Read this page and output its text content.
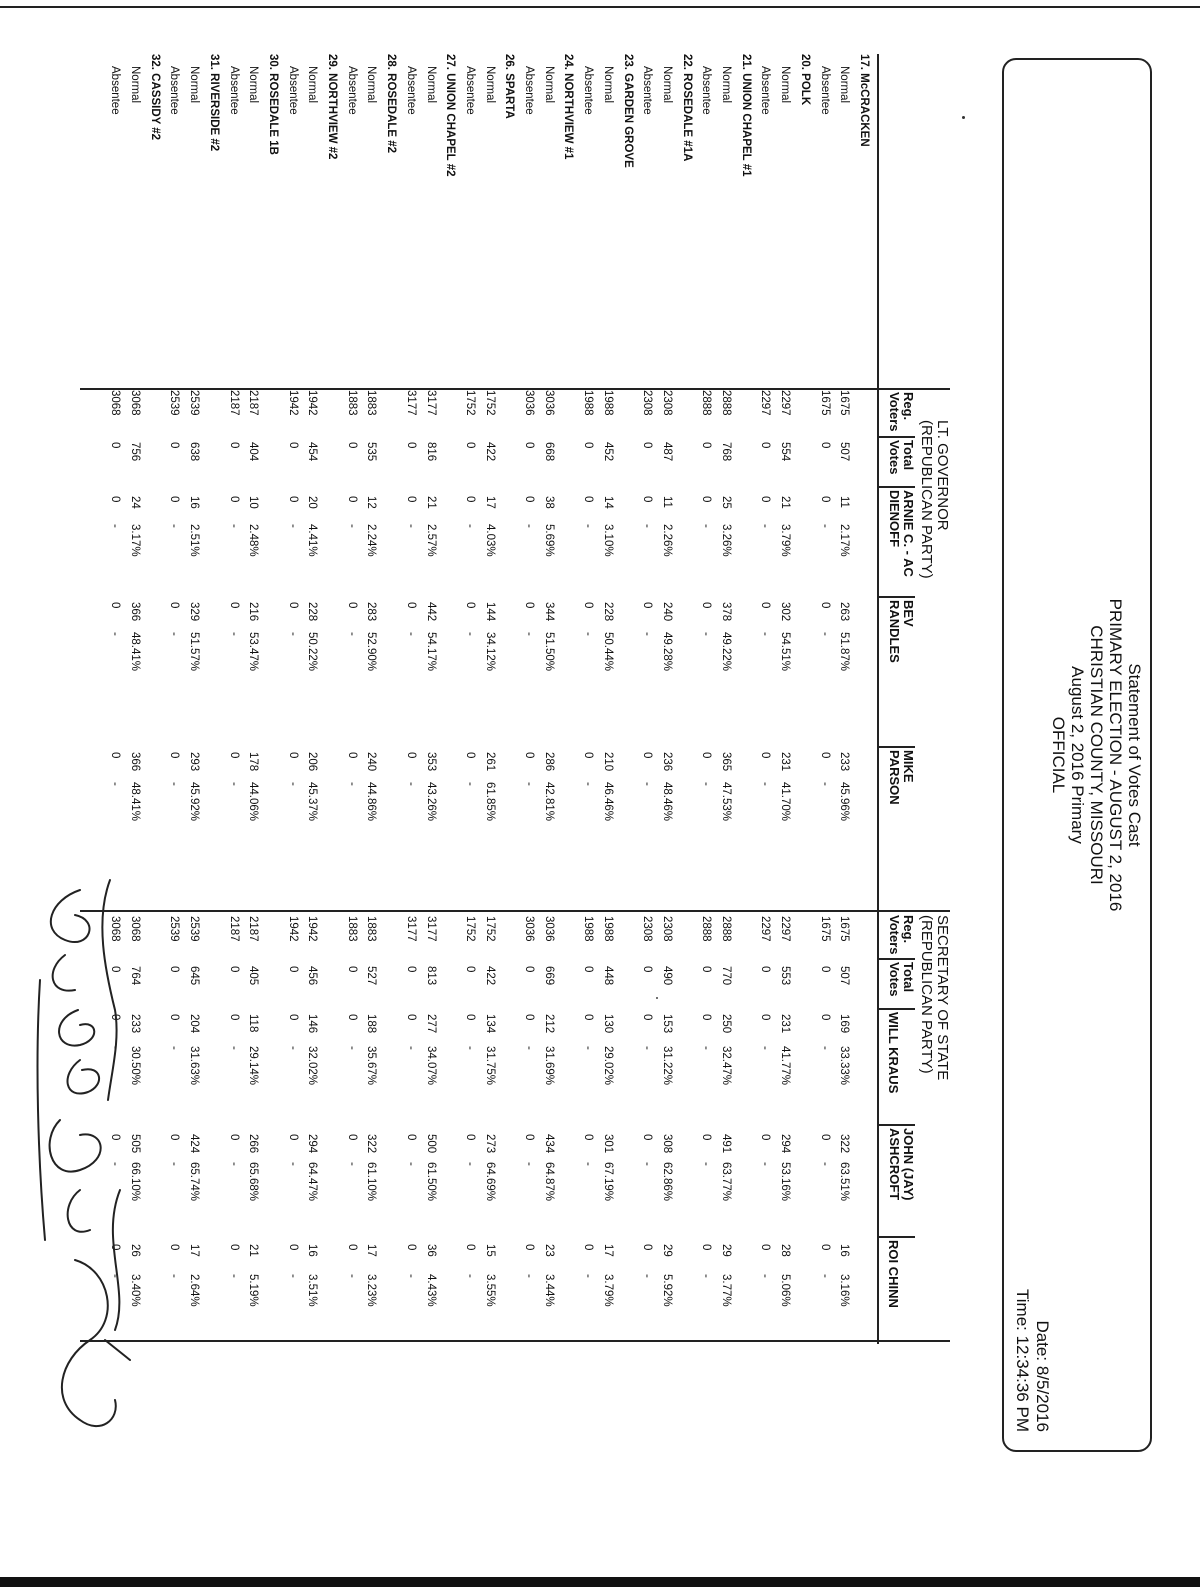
Statement of Votes Cast
PRIMARY ELECTION - AUGUST 2, 2016
CHRISTIAN COUNTY, MISSOURI
August 2, 2016 Primary
OFFICIAL
Date: 8/5/2016
Time: 12:34:36 PM
LT. GOVERNOR
(REPUBLICAN PARTY)
Reg.
Voters
Total
Votes
ARNIE C. - AC
DIENOFF
BEV
RANDLES
MIKE
PARSON
SECRETARY OF STATE
(REPUBLICAN PARTY)
Reg.
Voters
Total
Votes
WILL KRAUS
JOHN (JAY)
ASHCROFT
ROI CHINN
17. McCRACKEN
Normal
1675
507
11
2.17%
263
51.87%
233
45.96%
1675
507
169
33.33%
322
63.51%
16
3.16%
Absentee
1675
0
0
-
0
-
0
-
1675
0
0
-
0
-
0
-
20. POLK
Normal
2297
554
21
3.79%
302
54.51%
231
41.70%
2297
553
231
41.77%
294
53.16%
28
5.06%
Absentee
2297
0
0
-
0
-
0
-
2297
0
0
-
0
-
0
-
21. UNION CHAPEL #1
Normal
2888
768
25
3.26%
378
49.22%
365
47.53%
2888
770
250
32.47%
491
63.77%
29
3.77%
Absentee
2888
0
0
-
0
-
0
-
2888
0
0
-
0
-
0
-
22. ROSEDALE #1A
Normal
2308
487
11
2.26%
240
49.28%
236
48.46%
2308
490
153
31.22%
308
62.86%
29
5.92%
Absentee
2308
0
0
-
0
-
0
-
2308
0
0
-
0
-
0
-
23. GARDEN GROVE
Normal
1988
452
14
3.10%
228
50.44%
210
46.46%
1988
448
130
29.02%
301
67.19%
17
3.79%
Absentee
1988
0
0
-
0
-
0
-
1988
0
0
-
0
-
0
-
24. NORTHVIEW #1
Normal
3036
668
38
5.69%
344
51.50%
286
42.81%
3036
669
212
31.69%
434
64.87%
23
3.44%
Absentee
3036
0
0
-
0
-
0
-
3036
0
0
-
0
-
0
-
26. SPARTA
Normal
1752
422
17
4.03%
144
34.12%
261
61.85%
1752
422
134
31.75%
273
64.69%
15
3.55%
Absentee
1752
0
0
-
0
-
0
-
1752
0
0
-
0
-
0
-
27. UNION CHAPEL #2
Normal
3177
816
21
2.57%
442
54.17%
353
43.26%
3177
813
277
34.07%
500
61.50%
36
4.43%
Absentee
3177
0
0
-
0
-
0
-
3177
0
0
-
0
-
0
-
28. ROSEDALE #2
Normal
1883
535
12
2.24%
283
52.90%
240
44.86%
1883
527
188
35.67%
322
61.10%
17
3.23%
Absentee
1883
0
0
-
0
-
0
-
1883
0
0
-
0
-
0
-
29. NORTHVIEW #2
Normal
1942
454
20
4.41%
228
50.22%
206
45.37%
1942
456
146
32.02%
294
64.47%
16
3.51%
Absentee
1942
0
0
-
0
-
0
-
1942
0
0
-
0
-
0
-
30. ROSEDALE 1B
Normal
2187
404
10
2.48%
216
53.47%
178
44.06%
2187
405
118
29.14%
266
65.68%
21
5.19%
Absentee
2187
0
0
-
0
-
0
-
2187
0
0
-
0
-
0
-
31. RIVERSIDE #2
Normal
2539
638
16
2.51%
329
51.57%
293
45.92%
2539
645
204
31.63%
424
65.74%
17
2.64%
Absentee
2539
0
0
-
0
-
0
-
2539
0
0
-
0
-
0
-
32. CASSIDY #2
Normal
3068
756
24
3.17%
366
48.41%
366
48.41%
3068
764
233
30.50%
505
66.10%
26
3.40%
Absentee
3068
0
0
-
0
-
0
-
3068
0
0
-
0
-
0
-
